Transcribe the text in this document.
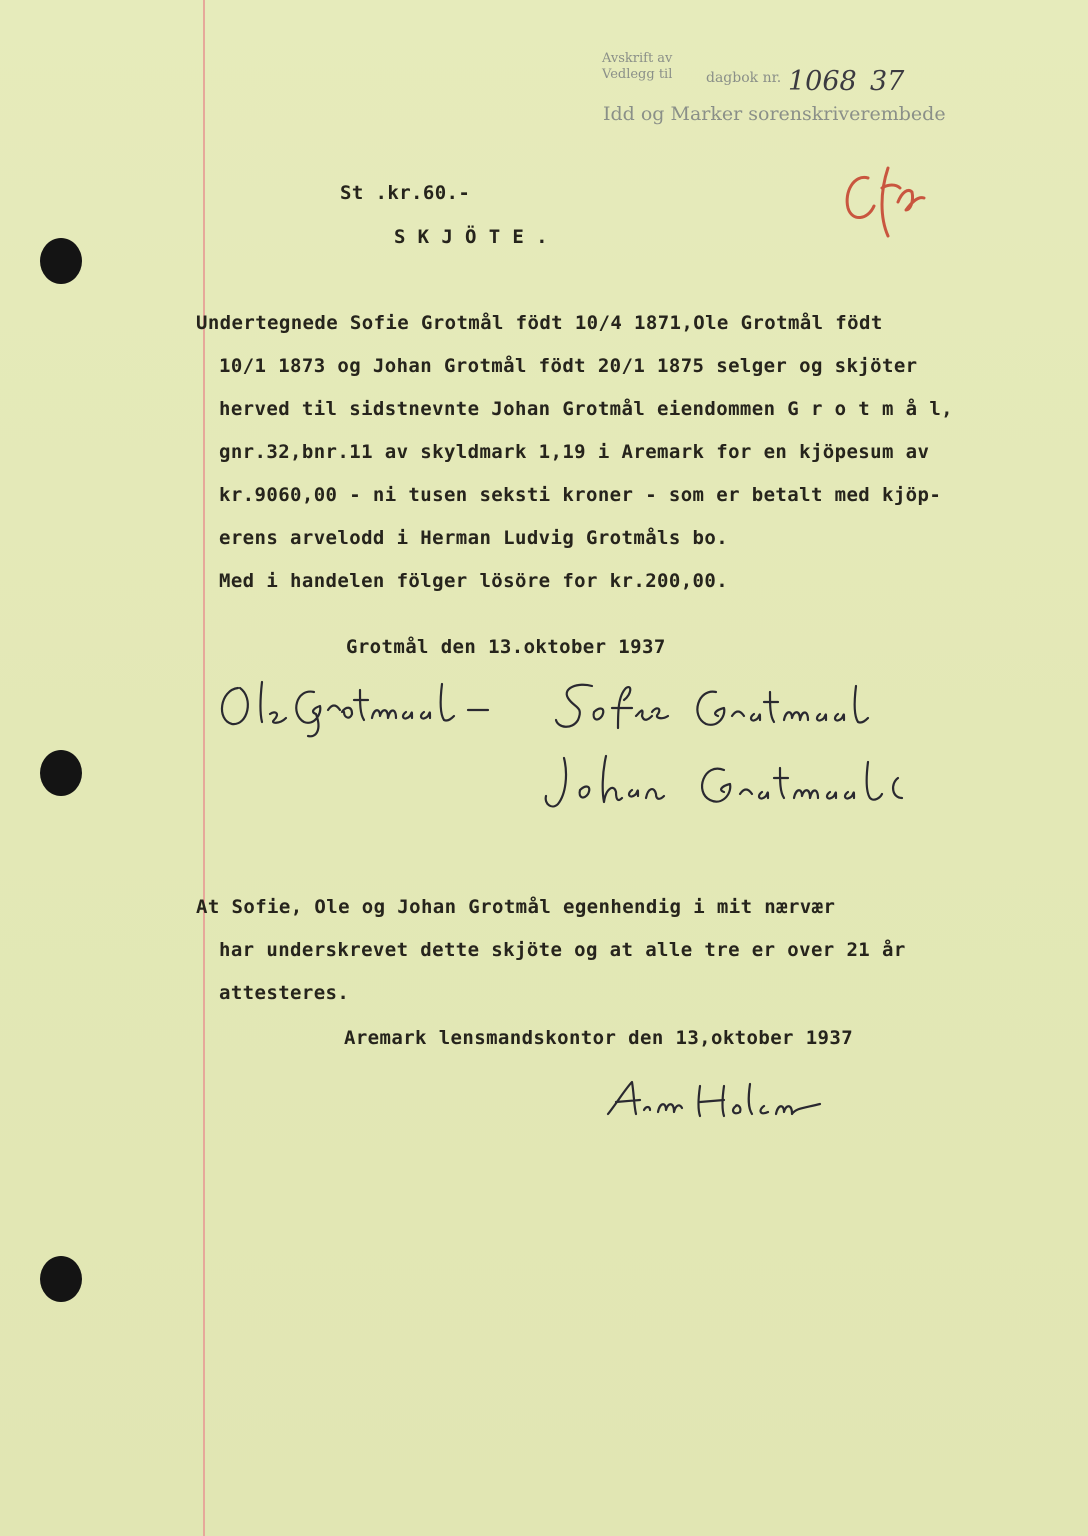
Avskrift av
Vedlegg til dagbok nr. 1068 37
Idd og Marker sorenskriverembede
St .kr.60.-
S K J Ö T E .
Undertegnede Sofie Grotmål födt 10/4 1871,Ole Grotmål födt
10/1 1873 og Johan Grotmål födt 20/1 1875 selger og skjöter
herved til sidstnevnte Johan Grotmål eiendommen G r o t m å l,
gnr.32,bnr.11 av skyldmark 1,19 i Aremark for en kjöpesum av
kr.9060,00 - ni tusen seksti kroner - som er betalt med kjöp-
erens arvelodd i Herman Ludvig Grotmåls bo.
Med i handelen fölger lösöre for kr.200,00.
Grotmål den 13.oktober 1937
At Sofie, Ole og Johan Grotmål egenhendig i mit nærvær
har underskrevet dette skjöte og at alle tre er over 21 år
attesteres.
Aremark lensmandskontor den 13,oktober 1937
